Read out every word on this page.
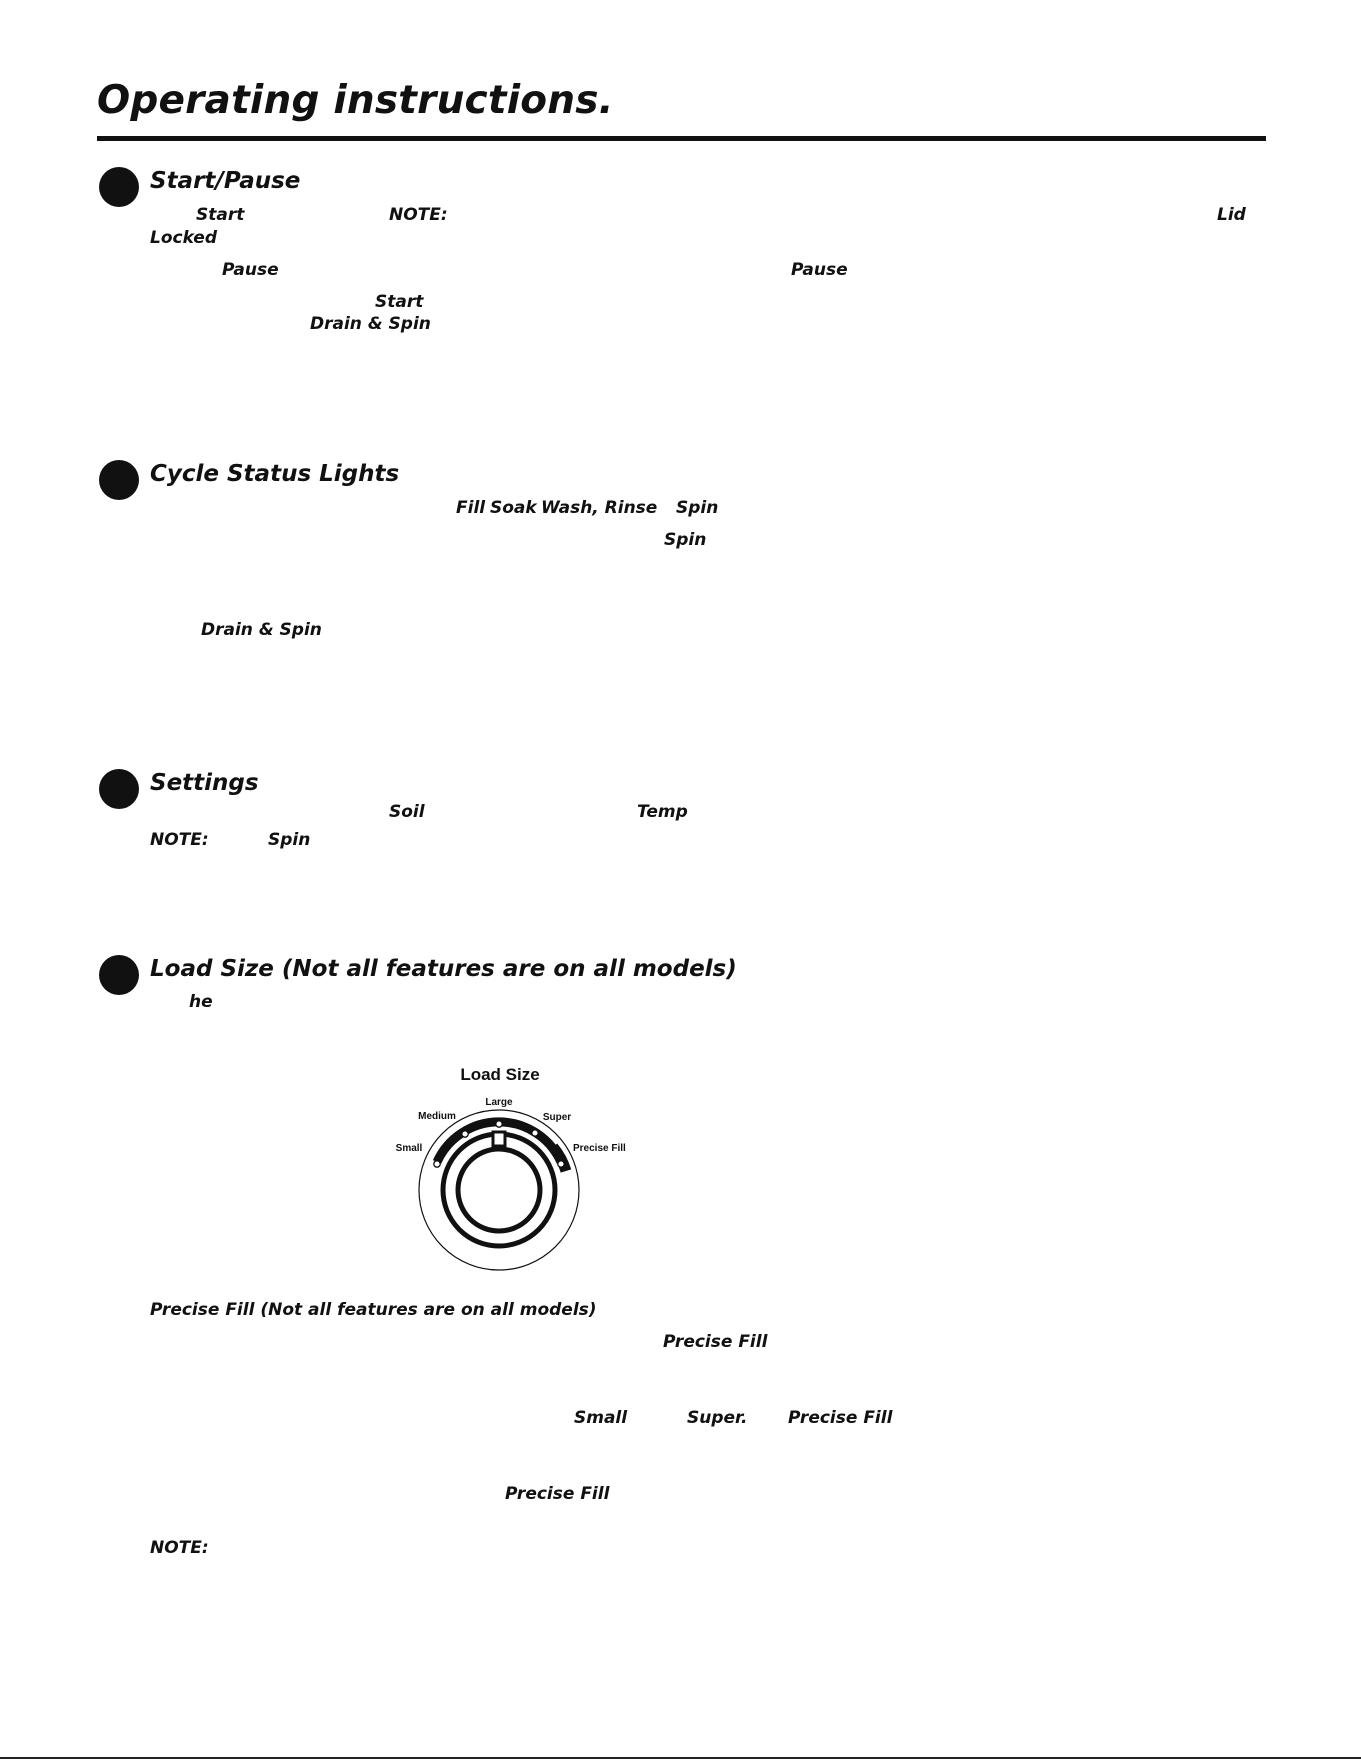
Operating instructions.
Start/Pause
Start	NOTE:	Lid
Locked
Pause	Pause
Start
Drain & Spin
Cycle Status Lights
Fill Soak Wash, Rinse Spin
Spin
Drain & Spin
Settings
Soil	Temp
NOTE:	Spin
Load Size (Not all features are on all models)
he
Load Size
Large
Medium	Super
Small	Precise Fill
Precise Fill (Not all features are on all models)
Precise Fill
Small	Super. Precise Fill
Precise Fill
NOTE:
